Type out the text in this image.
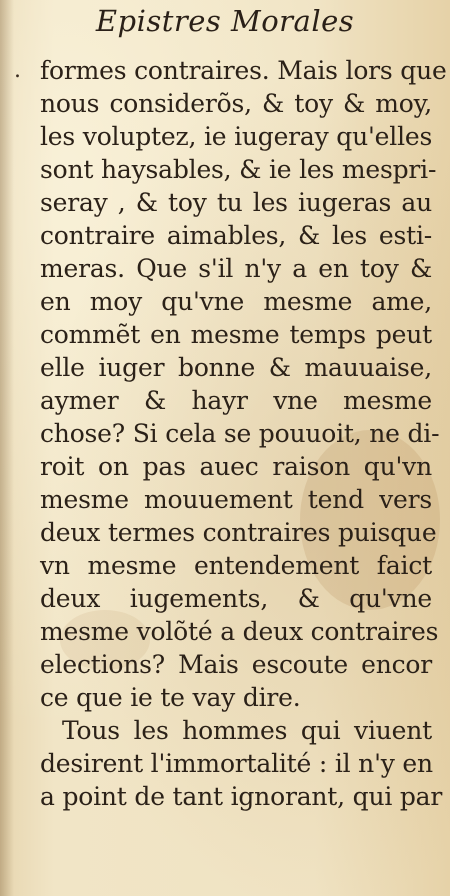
Epistres Morales
. formes contraires. Mais lors que
nous considerõs, & toy & moy,
les voluptez, ie iugeray qu'elles
sont haysables, & ie les mespri-
seray , & toy tu les iugeras au
contraire aimables, & les esti-
meras. Que s'il n'y a en toy &
en moy qu'vne mesme ame,
commẽt en mesme temps peut
elle iuger bonne & mauuaise,
aymer & hayr vne mesme
chose? Si cela se pouuoit, ne di-
roit on pas auec raison qu'vn
mesme mouuement tend vers
deux termes contraires puisque
vn mesme entendement faict
deux iugements, & qu'vne
mesme volõté a deux contraires
elections? Mais escoute encor
ce que ie te vay dire.
Tous les hommes qui viuent
desirent l'immortalité : il n'y en
a point de tant ignorant, qui par
